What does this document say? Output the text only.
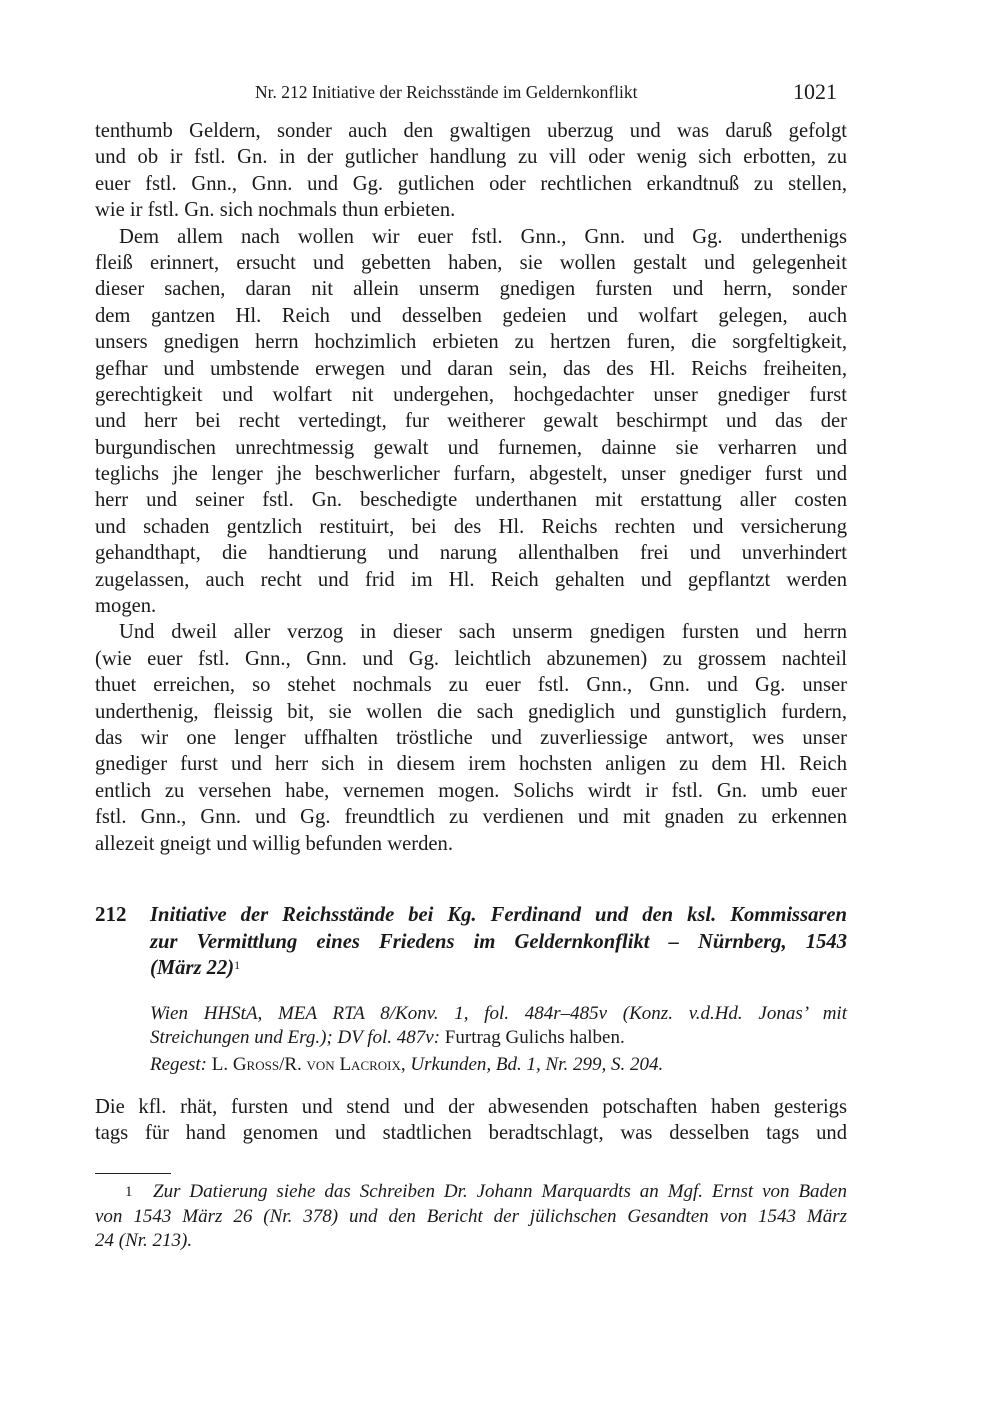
Nr. 212 Initiative der Reichsstände im Geldernkonflikt	1021
tenthumb Geldern, sonder auch den gwaltigen uberzug und was daruß gefolgt
und ob ir fstl. Gn. in der gutlicher handlung zu vill oder wenig sich erbotten, zu
euer fstl. Gnn., Gnn. und Gg. gutlichen oder rechtlichen erkandtnuß zu stellen,
wie ir fstl. Gn. sich nochmals thun erbieten.
Dem allem nach wollen wir euer fstl. Gnn., Gnn. und Gg. underthenigs
fleiß erinnert, ersucht und gebetten haben, sie wollen gestalt und gelegenheit
dieser sachen, daran nit allein unserm gnedigen fursten und herrn, sonder
dem gantzen Hl. Reich und desselben gedeien und wolfart gelegen, auch
unsers gnedigen herrn hochzimlich erbieten zu hertzen furen, die sorgfeltigkeit,
gefhar und umbstende erwegen und daran sein, das des Hl. Reichs freiheiten,
gerechtigkeit und wolfart nit undergehen, hochgedachter unser gnediger furst
und herr bei recht vertedingt, fur weitherer gewalt beschirmpt und das der
burgundischen unrechtmessig gewalt und furnemen, dainne sie verharren und
teglichs jhe lenger jhe beschwerlicher furfarn, abgestelt, unser gnediger furst und
herr und seiner fstl. Gn. beschedigte underthanen mit erstattung aller costen
und schaden gentzlich restituirt, bei des Hl. Reichs rechten und versicherung
gehandthapt, die handtierung und narung allenthalben frei und unverhindert
zugelassen, auch recht und frid im Hl. Reich gehalten und gepflantzt werden
mogen.
Und dweil aller verzog in dieser sach unserm gnedigen fursten und herrn
(wie euer fstl. Gnn., Gnn. und Gg. leichtlich abzunemen) zu grossem nachteil
thuet erreichen, so stehet nochmals zu euer fstl. Gnn., Gnn. und Gg. unser
underthenig, fleissig bit, sie wollen die sach gnediglich und gunstiglich furdern,
das wir one lenger uffhalten tröstliche und zuverliessige antwort, wes unser
gnediger furst und herr sich in diesem irem hochsten anligen zu dem Hl. Reich
entlich zu versehen habe, vernemen mogen. Solichs wirdt ir fstl. Gn. umb euer
fstl. Gnn., Gnn. und Gg. freundtlich zu verdienen und mit gnaden zu erkennen
allezeit gneigt und willig befunden werden.
212 Initiative der Reichsstände bei Kg. Ferdinand und den ksl. Kommissaren
zur Vermittlung eines Friedens im Geldernkonflikt – Nürnberg, 1543
(März 22)$^1$
Wien HHStA, MEA RTA 8/Konv. 1, fol. 484r–485v (Konz. v.d.Hd. Jonas’ mit
Streichungen und Erg.); DV fol. 487v: Furtrag Gulichs halben.
Regest: L. Groß/R. von Lacroix, Urkunden, Bd. 1, Nr. 299, S. 204.
Die kfl. rhät, fursten und stend und der abwesenden potschaften haben gesterigs
tags für hand genomen und stadtlichen beradtschlagt, was desselben tags und
1	Zur Datierung siehe das Schreiben Dr. Johann Marquardts an Mgf. Ernst von Baden
von 1543 März 26 (Nr. 378) und den Bericht der jülichschen Gesandten von 1543 März
24 (Nr. 213).
